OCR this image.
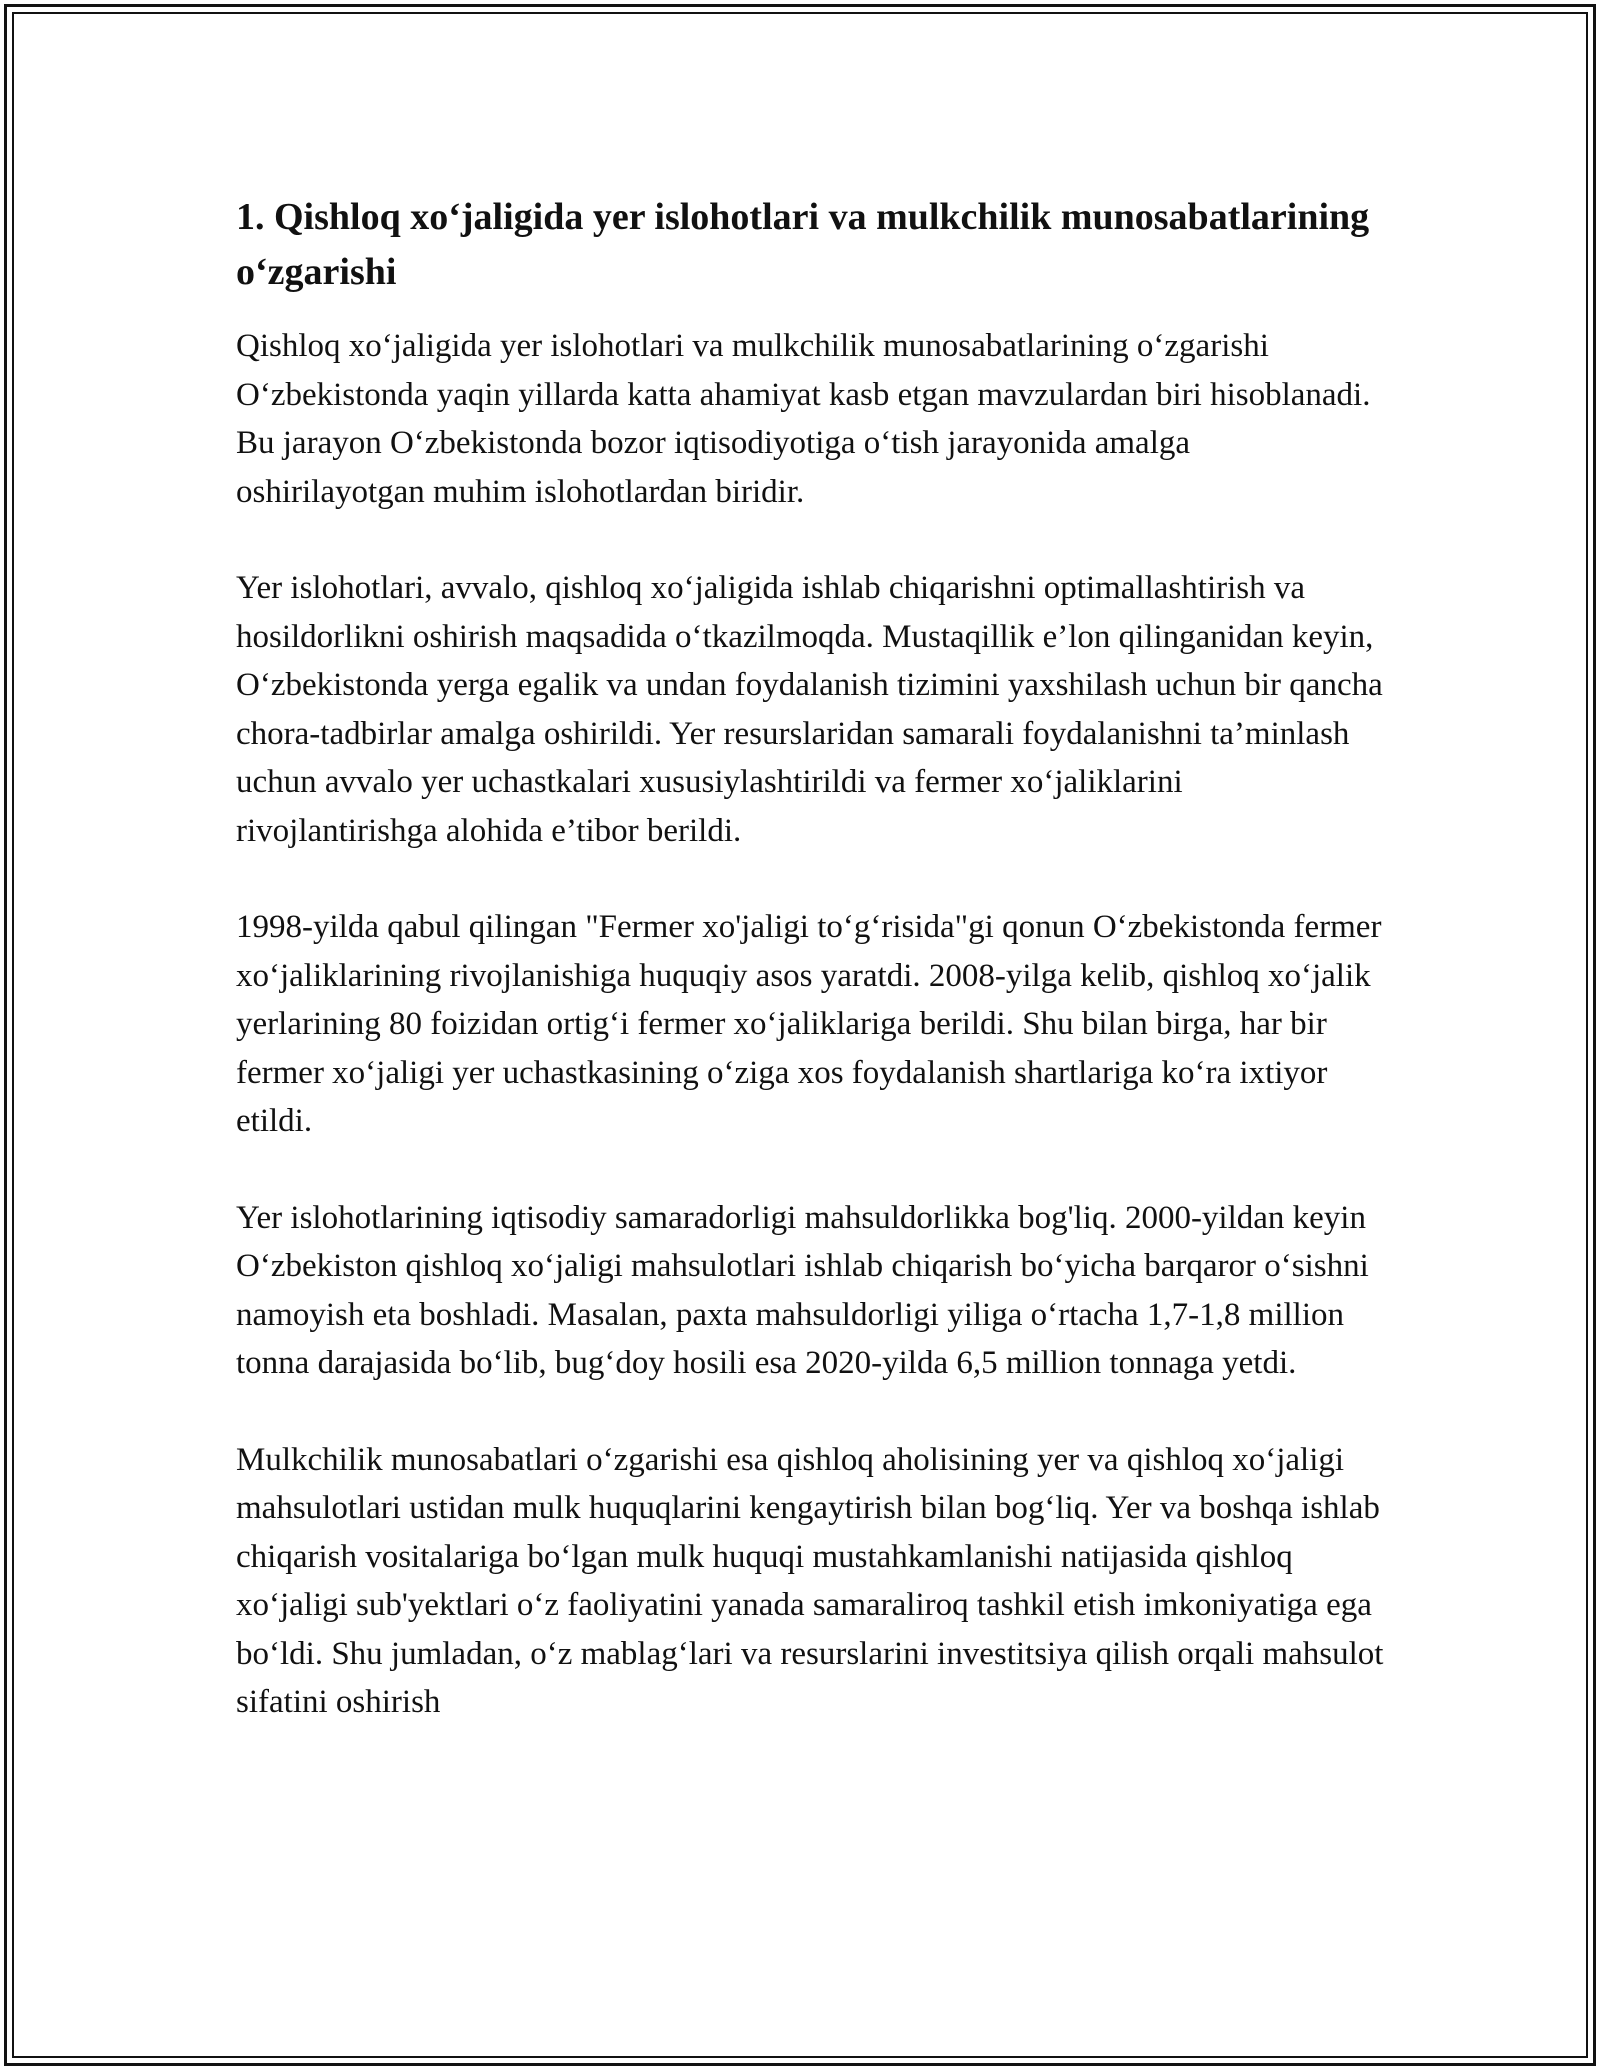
1. Qishloq xo‘jaligida yer islohotlari va mulkchilik munosabatlarining o‘zgarishi

Qishloq xo‘jaligida yer islohotlari va mulkchilik munosabatlarining o‘zgarishi O‘zbekistonda yaqin yillarda katta ahamiyat kasb etgan mavzulardan biri hisoblanadi. Bu jarayon O‘zbekistonda bozor iqtisodiyotiga o‘tish jarayonida amalga oshirilayotgan muhim islohotlardan biridir.

Yer islohotlari, avvalo, qishloq xo‘jaligida ishlab chiqarishni optimallashtirish va hosildorlikni oshirish maqsadida o‘tkazilmoqda. Mustaqillik e’lon qilinganidan keyin, O‘zbekistonda yerga egalik va undan foydalanish tizimini yaxshilash uchun bir qancha chora-tadbirlar amalga oshirildi. Yer resurslaridan samarali foydalanishni ta’minlash uchun avvalo yer uchastkalari xususiylashtirildi va fermer xo‘jaliklarini rivojlantirishga alohida e’tibor berildi.

1998-yilda qabul qilingan "Fermer xo'jaligi to‘g‘risida"gi qonun O‘zbekistonda fermer xo‘jaliklarining rivojlanishiga huquqiy asos yaratdi. 2008-yilga kelib, qishloq xo‘jalik yerlarining 80 foizidan ortig‘i fermer xo‘jaliklariga berildi. Shu bilan birga, har bir fermer xo‘jaligi yer uchastkasining o‘ziga xos foydalanish shartlariga ko‘ra ixtiyor etildi.

Yer islohotlarining iqtisodiy samaradorligi mahsuldorlikka bog'liq. 2000-yildan keyin O‘zbekiston qishloq xo‘jaligi mahsulotlari ishlab chiqarish bo‘yicha barqaror o‘sishni namoyish eta boshladi. Masalan, paxta mahsuldorligi yiliga o‘rtacha 1,7-1,8 million tonna darajasida bo‘lib, bug‘doy hosili esa 2020-yilda 6,5 million tonnaga yetdi.

Mulkchilik munosabatlari o‘zgarishi esa qishloq aholisining yer va qishloq xo‘jaligi mahsulotlari ustidan mulk huquqlarini kengaytirish bilan bog‘liq. Yer va boshqa ishlab chiqarish vositalariga bo‘lgan mulk huquqi mustahkamlanishi natijasida qishloq xo‘jaligi sub'yektlari o‘z faoliyatini yanada samaraliroq tashkil etish imkoniyatiga ega bo‘ldi. Shu jumladan, o‘z mablag‘lari va resurslarini investitsiya qilish orqali mahsulot sifatini oshirish
